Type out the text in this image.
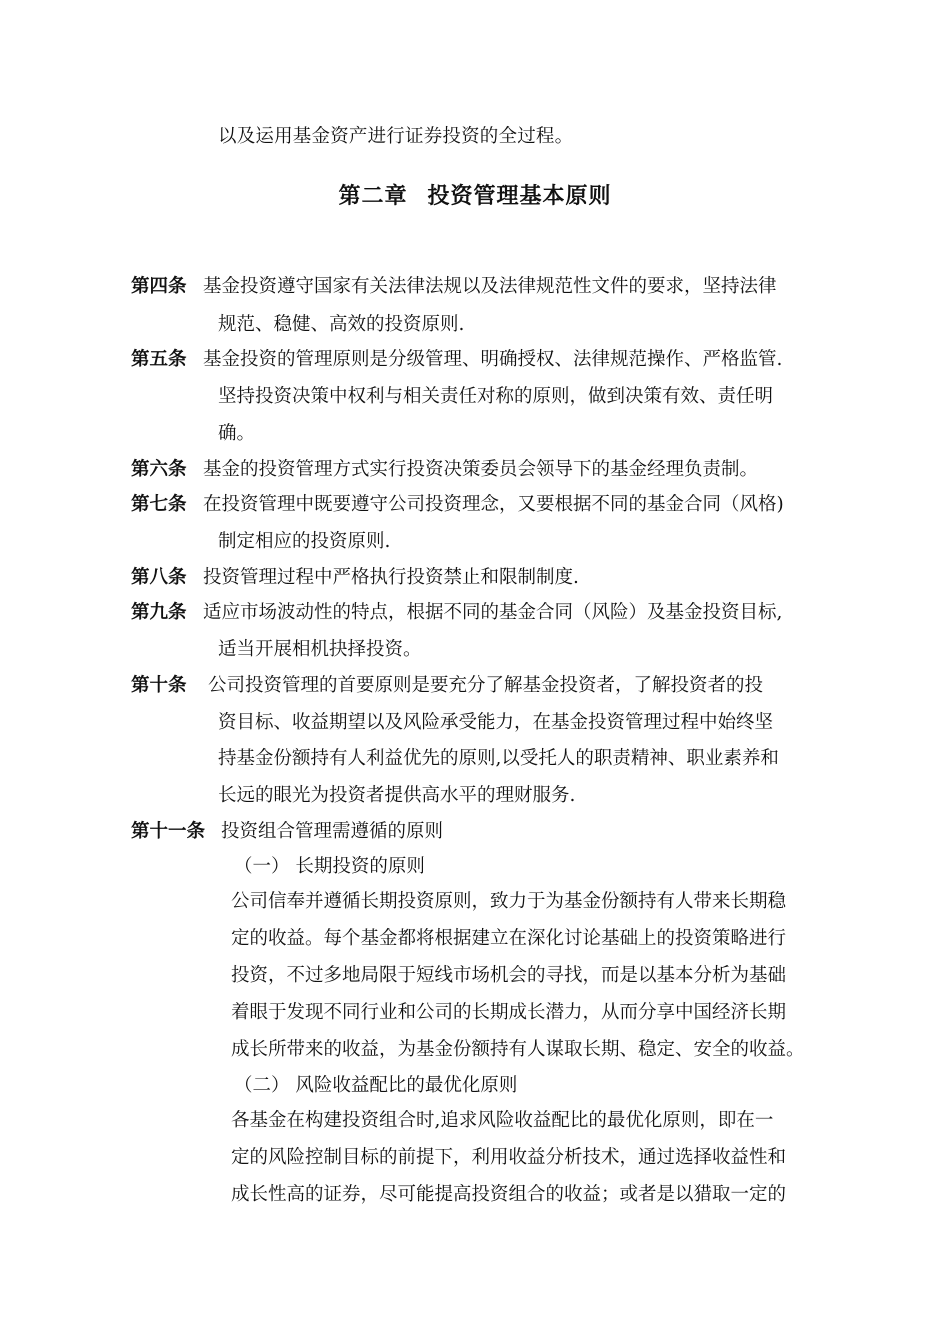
以及运用基金资产进行证券投资的全过程。
第二章 投资管理基本原则
第四条 基金投资遵守国家有关法律法规以及法律规范性文件的要求，坚持法律
规范、稳健、高效的投资原则.
第五条 基金投资的管理原则是分级管理、明确授权、法律规范操作、严格监管.
坚持投资决策中权利与相关责任对称的原则，做到决策有效、责任明
确。
第六条 基金的投资管理方式实行投资决策委员会领导下的基金经理负责制。
第七条 在投资管理中既要遵守公司投资理念，又要根据不同的基金合同（风格)
制定相应的投资原则.
第八条 投资管理过程中严格执行投资禁止和限制制度.
第九条 适应市场波动性的特点，根据不同的基金合同（风险）及基金投资目标,
适当开展相机抉择投资。
第十条 公司投资管理的首要原则是要充分了解基金投资者，了解投资者的投
资目标、收益期望以及风险承受能力，在基金投资管理过程中始终坚
持基金份额持有人利益优先的原则,以受托人的职责精神、职业素养和
长远的眼光为投资者提供高水平的理财服务.
第十一条 投资组合管理需遵循的原则
（一） 长期投资的原则
公司信奉并遵循长期投资原则，致力于为基金份额持有人带来长期稳
定的收益。每个基金都将根据建立在深化讨论基础上的投资策略进行
投资，不过多地局限于短线市场机会的寻找，而是以基本分析为基础
着眼于发现不同行业和公司的长期成长潜力，从而分享中国经济长期
成长所带来的收益，为基金份额持有人谋取长期、稳定、安全的收益。
（二） 风险收益配比的最优化原则
各基金在构建投资组合时,追求风险收益配比的最优化原则，即在一
定的风险控制目标的前提下，利用收益分析技术，通过选择收益性和
成长性高的证券，尽可能提高投资组合的收益；或者是以猎取一定的
